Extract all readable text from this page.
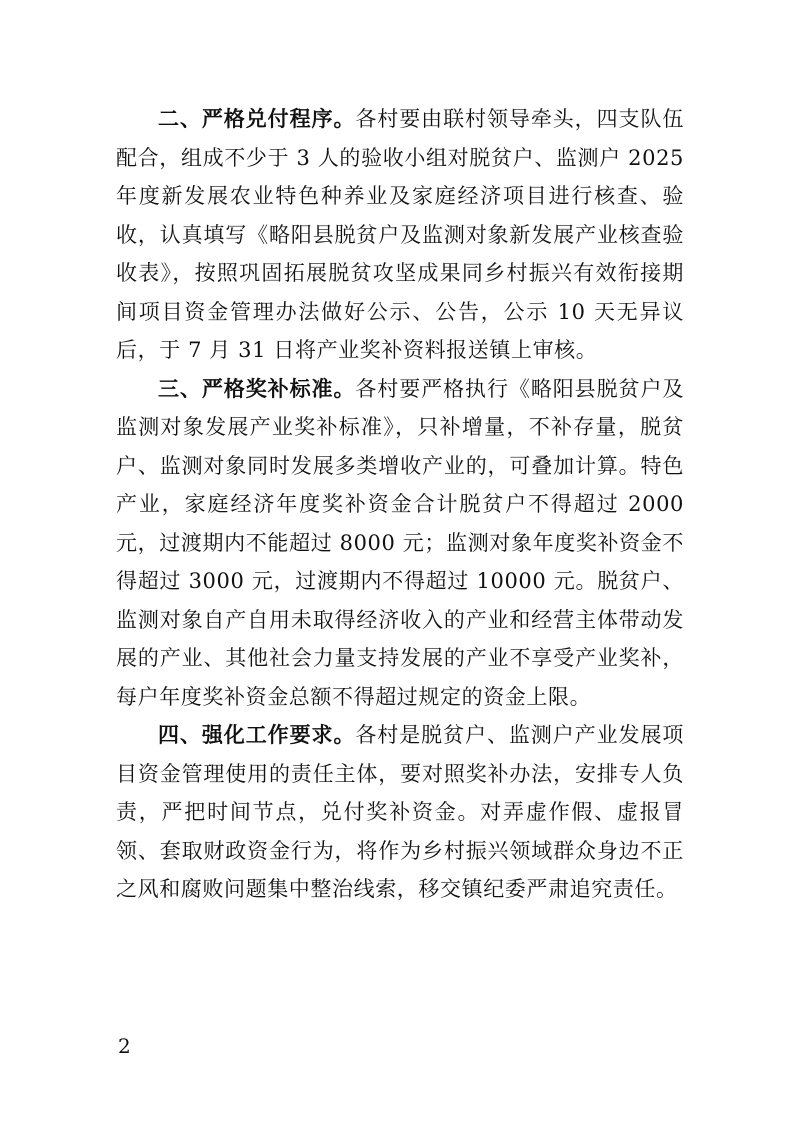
二、严格兑付程序。各村要由联村领导牵头，四支队伍配合，组成不少于 3 人的验收小组对脱贫户、监测户 2025 年度新发展农业特色种养业及家庭经济项目进行核查、验收，认真填写《略阳县脱贫户及监测对象新发展产业核查验收表》，按照巩固拓展脱贫攻坚成果同乡村振兴有效衔接期间项目资金管理办法做好公示、公告，公示 10 天无异议后，于 7 月 31 日将产业奖补资料报送镇上审核。

三、严格奖补标准。各村要严格执行《略阳县脱贫户及监测对象发展产业奖补标准》，只补增量，不补存量，脱贫户、监测对象同时发展多类增收产业的，可叠加计算。特色产业，家庭经济年度奖补资金合计脱贫户不得超过 2000 元，过渡期内不能超过 8000 元；监测对象年度奖补资金不得超过 3000 元，过渡期内不得超过 10000 元。脱贫户、监测对象自产自用未取得经济收入的产业和经营主体带动发展的产业、其他社会力量支持发展的产业不享受产业奖补，每户年度奖补资金总额不得超过规定的资金上限。

四、强化工作要求。各村是脱贫户、监测户产业发展项目资金管理使用的责任主体，要对照奖补办法，安排专人负责，严把时间节点，兑付奖补资金。对弄虚作假、虚报冒领、套取财政资金行为，将作为乡村振兴领域群众身边不正之风和腐败问题集中整治线索，移交镇纪委严肃追究责任。

2
